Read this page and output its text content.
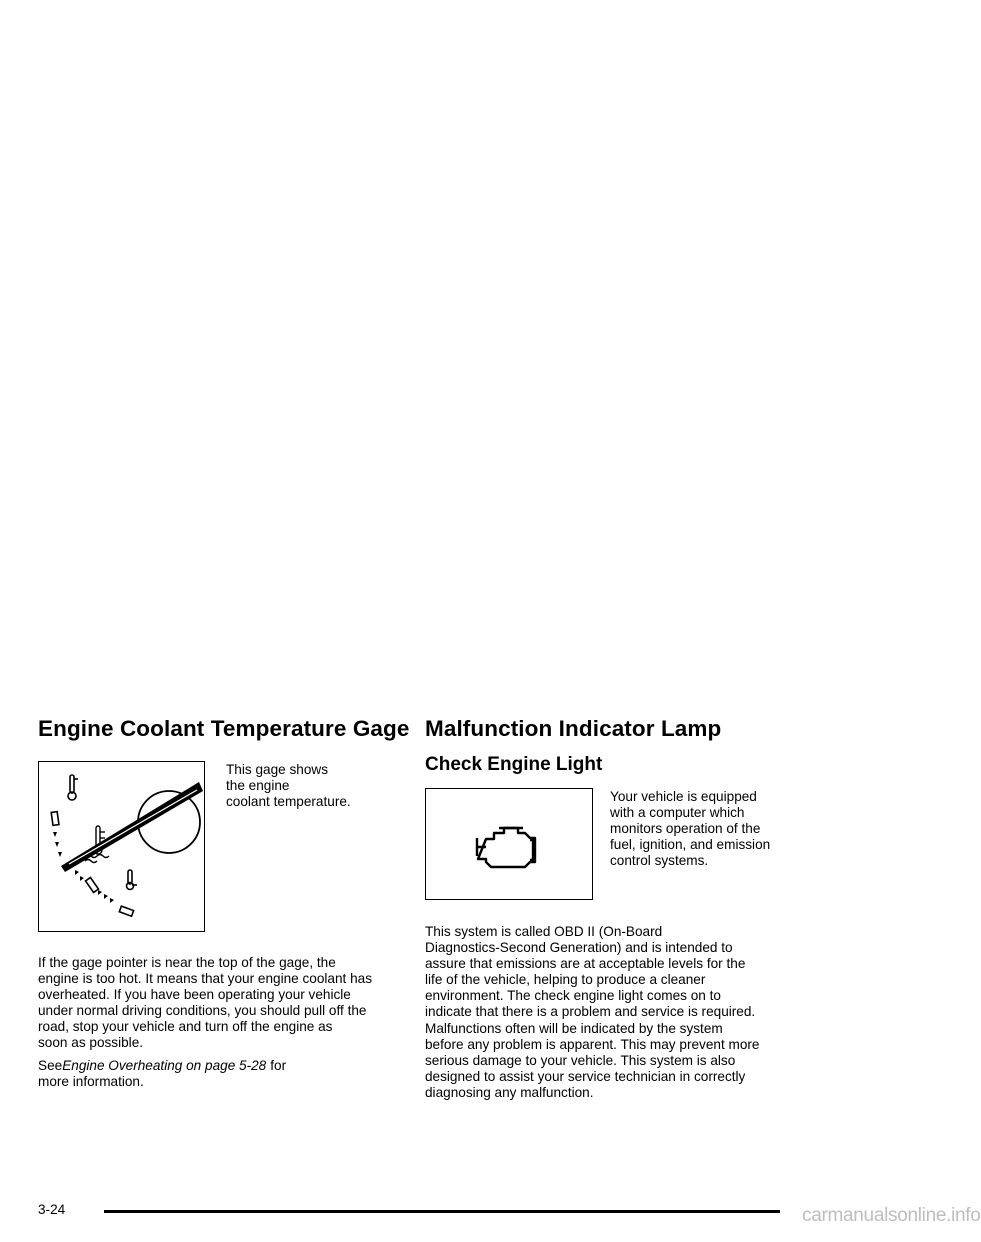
Engine Coolant Temperature Gage

This gage shows

the engine

coolant temperature.

If the gage pointer is near the top of the gage, the

engine is too hot. It means that your engine coolant has

overheated. If you have been operating your vehicle

under normal driving conditions, you should pull off the

road, stop your vehicle and turn off the engine as

soon as possible.

SeeEngine Overheating on page 5-28 for

more information.

Malfunction Indicator Lamp
Check Engine Light

Your vehicle is equipped

with a computer which

monitors operation of the

fuel, ignition, and emission

control systems.

This system is called OBD II (On-Board

Diagnostics-Second Generation) and is intended to

assure that emissions are at acceptable levels for the

life of the vehicle, helping to produce a cleaner

environment. The check engine light comes on to

indicate that there is a problem and service is required.

Malfunctions often will be indicated by the system

before any problem is apparent. This may prevent more

serious damage to your vehicle. This system is also

designed to assist your service technician in correctly

diagnosing any malfunction.

3-24	carmanualsonline.info
